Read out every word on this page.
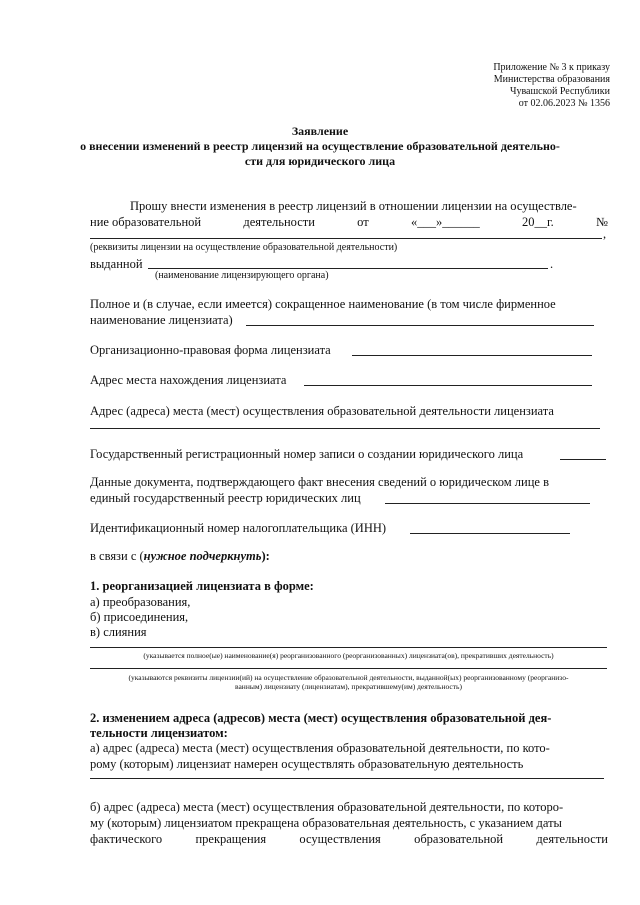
Приложение № 3 к приказу
Министерства образования
Чувашской Республики
от 02.06.2023 № 1356
Заявление
о внесении изменений в реестр лицензий на осуществление образовательной деятельно-
сти для юридического лица
Прошу внести изменения в реестр лицензий в отношении лицензии на осуществле-
ние образовательной	деятельности	от	«___»______	20__г.	№
,
(реквизиты лицензии на осуществление образовательной деятельности)
выданной	.
(наименование лицензирующего органа)
Полное и (в случае, если имеется) сокращенное наименование (в том числе фирменное
наименование лицензиата)
Организационно-правовая форма лицензиата
Адрес места нахождения лицензиата
Адрес (адреса) места (мест) осуществления образовательной деятельности лицензиата
Государственный регистрационный номер записи о создании юридического лица
Данные документа, подтверждающего факт внесения сведений о юридическом лице в
единый государственный реестр юридических лиц
Идентификационный номер налогоплательщика (ИНН)
в связи с (нужное подчеркнуть):
1. реорганизацией лицензиата в форме:
а) преобразования,
б) присоединения,
в) слияния
(указывается полное(ые) наименование(я) реорганизованного (реорганизованных) лицензиата(ов), прекративших деятельность)
(указываются реквизиты лицензии(ий) на осуществление образовательной деятельности, выданной(ых) реорганизованному (реорганизо-
ванным) лицензиату (лицензиатам), прекратившему(им) деятельность)
2. изменением адреса (адресов) места (мест) осуществления образовательной дея-
тельности лицензиатом:
а) адрес (адреса) места (мест) осуществления образовательной деятельности, по кото-
рому (которым) лицензиат намерен осуществлять образовательную деятельность
б) адрес (адреса) места (мест) осуществления образовательной деятельности, по которо-
му (которым) лицензиатом прекращена образовательная деятельность, с указанием даты
фактического	прекращения	осуществления	образовательной	деятельности
